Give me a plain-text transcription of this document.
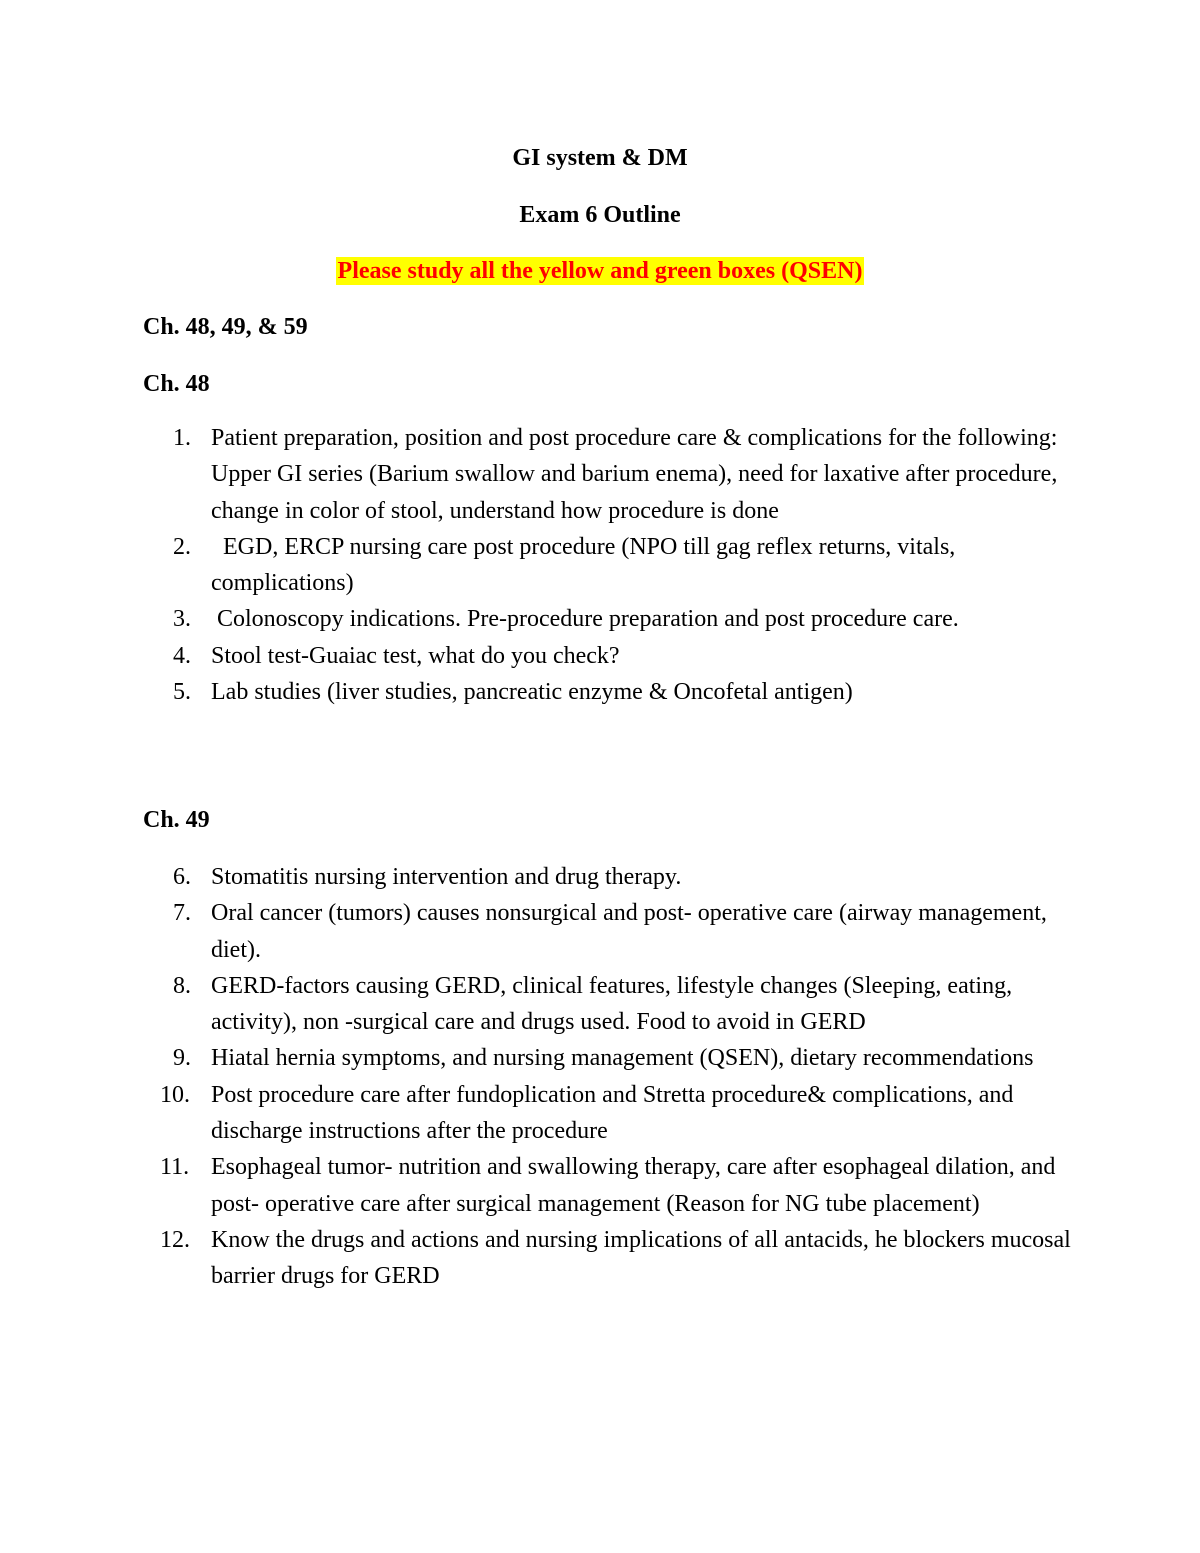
GI system & DM
Exam 6 Outline
Please study all the yellow and green boxes (QSEN)
Ch. 48, 49, & 59
Ch. 48
1. Patient preparation, position and post procedure care & complications for the following: Upper GI series (Barium swallow and barium enema), need for laxative after procedure, change in color of stool, understand how procedure is done
2. EGD, ERCP nursing care post procedure (NPO till gag reflex returns, vitals, complications)
3. Colonoscopy indications. Pre-procedure preparation and post procedure care.
4. Stool test-Guaiac test, what do you check?
5. Lab studies (liver studies, pancreatic enzyme & Oncofetal antigen)
Ch. 49
6. Stomatitis nursing intervention and drug therapy.
7. Oral cancer (tumors) causes nonsurgical and post- operative care (airway management, diet).
8. GERD-factors causing GERD, clinical features, lifestyle changes (Sleeping, eating, activity), non -surgical care and drugs used. Food to avoid in GERD
9. Hiatal hernia symptoms, and nursing management (QSEN), dietary recommendations
10. Post procedure care after fundoplication and Stretta procedure& complications, and discharge instructions after the procedure
11. Esophageal tumor- nutrition and swallowing therapy, care after esophageal dilation, and post- operative care after surgical management (Reason for NG tube placement)
12. Know the drugs and actions and nursing implications of all antacids, he blockers mucosal barrier drugs for GERD
